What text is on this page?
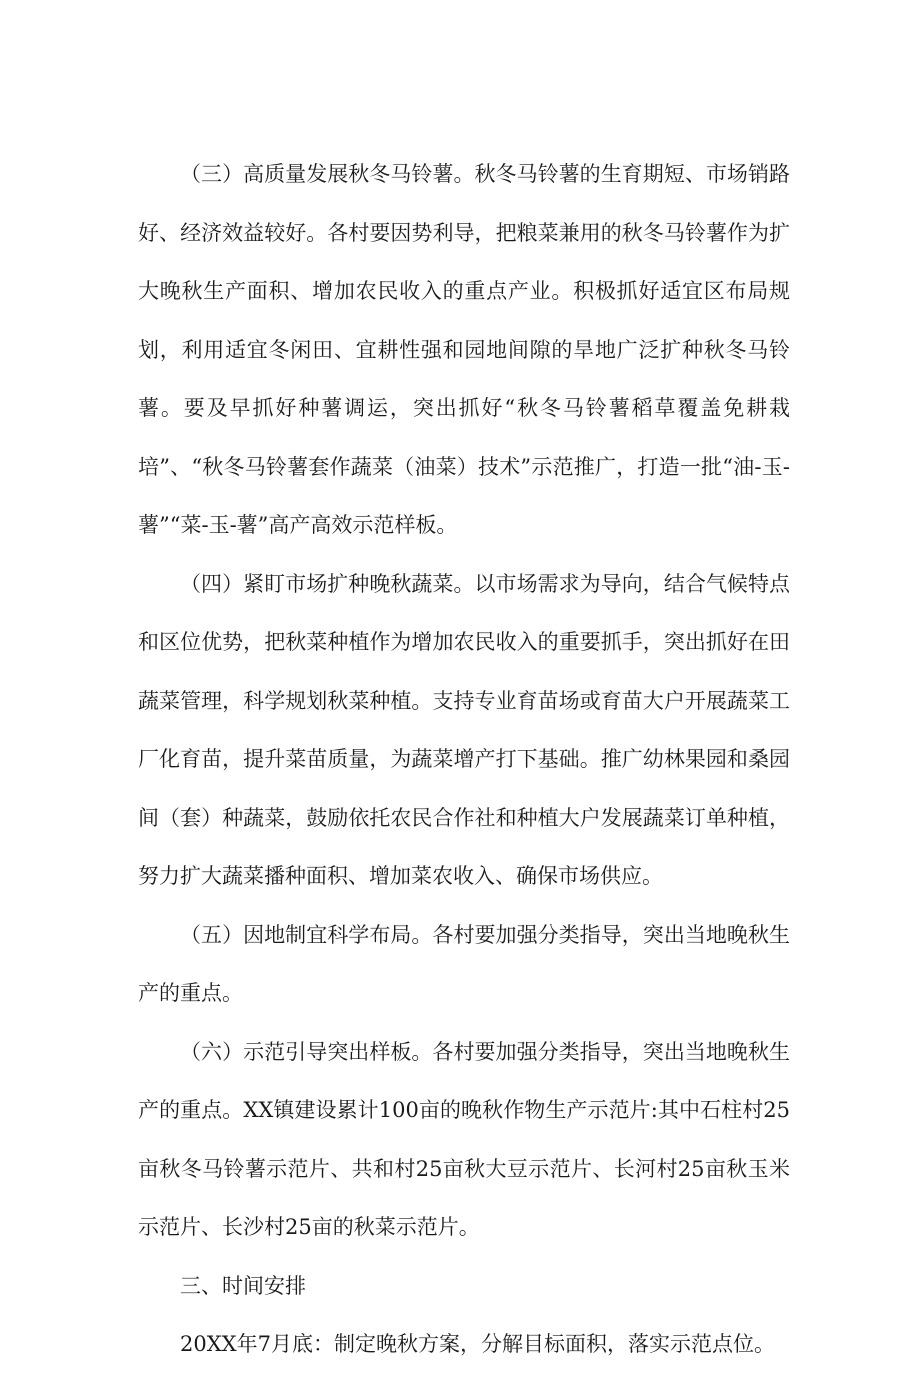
（三）高质量发展秋冬马铃薯。秋冬马铃薯的生育期短、市场销路好、经济效益较好。各村要因势利导，把粮菜兼用的秋冬马铃薯作为扩大晚秋生产面积、增加农民收入的重点产业。积极抓好适宜区布局规划，利用适宜冬闲田、宜耕性强和园地间隙的旱地广泛扩种秋冬马铃薯。要及早抓好种薯调运，突出抓好“秋冬马铃薯稻草覆盖免耕栽培”、“秋冬马铃薯套作蔬菜（油菜）技术”示范推广，打造一批“油-玉-薯”“菜-玉-薯”高产高效示范样板。

（四）紧盯市场扩种晚秋蔬菜。以市场需求为导向，结合气候特点和区位优势，把秋菜种植作为增加农民收入的重要抓手，突出抓好在田蔬菜管理，科学规划秋菜种植。支持专业育苗场或育苗大户开展蔬菜工厂化育苗，提升菜苗质量，为蔬菜增产打下基础。推广幼林果园和桑园间（套）种蔬菜，鼓励依托农民合作社和种植大户发展蔬菜订单种植，努力扩大蔬菜播种面积、增加菜农收入、确保市场供应。

（五）因地制宜科学布局。各村要加强分类指导，突出当地晚秋生产的重点。

（六）示范引导突出样板。各村要加强分类指导，突出当地晚秋生产的重点。XX镇建设累计100亩的晚秋作物生产示范片:其中石柱村25亩秋冬马铃薯示范片、共和村25亩秋大豆示范片、长河村25亩秋玉米示范片、长沙村25亩的秋菜示范片。

三、时间安排

20XX年7月底：制定晚秋方案，分解目标面积，落实示范点位。
